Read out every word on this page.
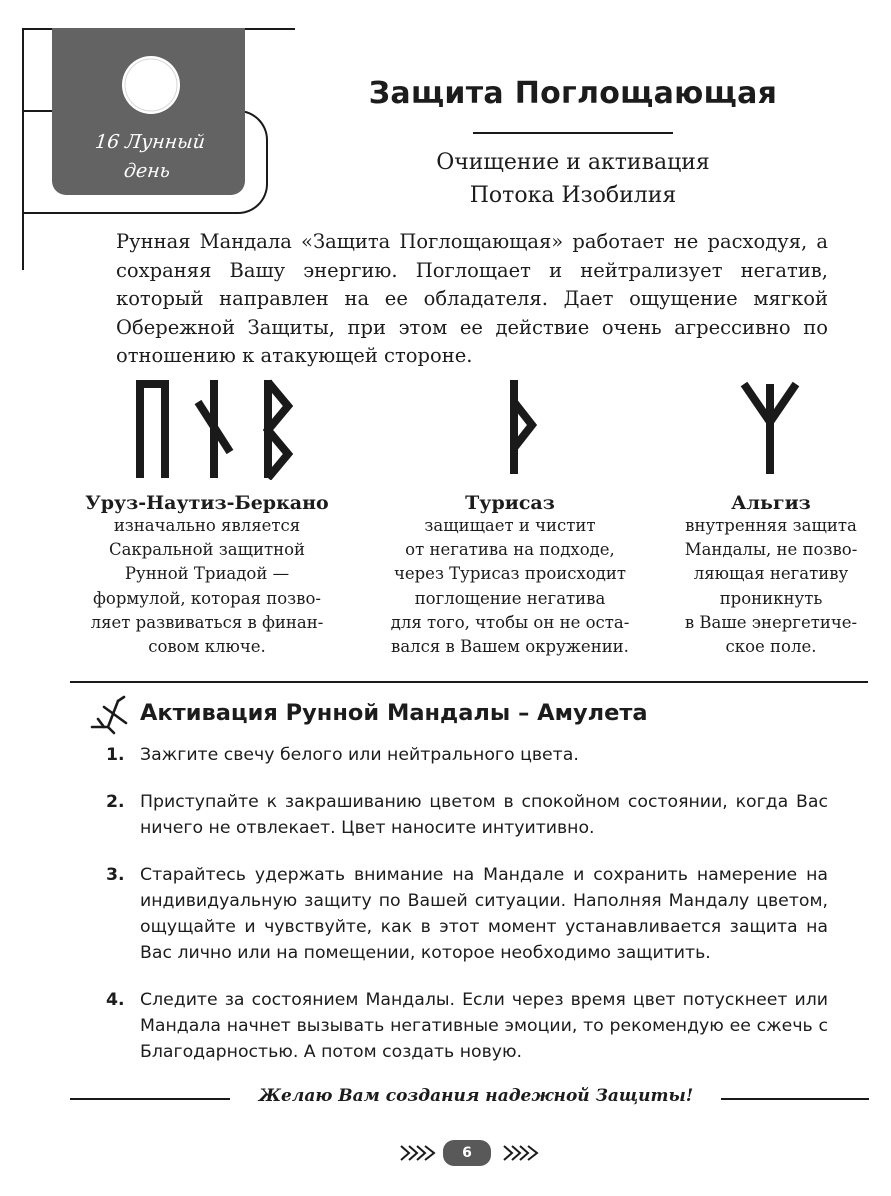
16 Лунный
день
Защита Поглощающая
Очищение и активация
Потока Изобилия
Рунная Мандала «Защита Поглощающая» работает не расходуя, а сохраняя Вашу энергию. Поглощает и нейтрализует негатив, который направлен на ее обладателя. Дает ощущение мягкой Обережной Защиты, при этом ее действие очень агрессивно по отношению к атакующей стороне.
Уруз-Наутиз-Беркано
изначально является
Сакральной защитной
Рунной Триадой —
формулой, которая позво-
ляет развиваться в финан-
совом ключе.
Турисаз
защищает и чистит
от негатива на подходе,
через Турисаз происходит
поглощение негатива
для того, чтобы он не оста-
вался в Вашем окружении.
Альгиз
внутренняя защита
Мандалы, не позво-
ляющая негативу
проникнуть
в Ваше энергетиче-
ское поле.
Активация Рунной Мандалы – Амулета
1. Зажгите свечу белого или нейтрального цвета.
2. Приступайте к закрашиванию цветом в спокойном состоянии, когда Вас ничего не отвлекает. Цвет наносите интуитивно.
3. Старайтесь удержать внимание на Мандале и сохранить намерение на индивидуальную защиту по Вашей ситуации. Наполняя Мандалу цветом, ощущайте и чувствуйте, как в этот момент устанавливается защита на Вас лично или на помещении, которое необходимо защитить.
4. Следите за состоянием Мандалы. Если через время цвет потускнеет или Мандала начнет вызывать негативные эмоции, то рекомендую ее сжечь с Благодарностью. А потом создать новую.
Желаю Вам создания надежной Защиты!
6
